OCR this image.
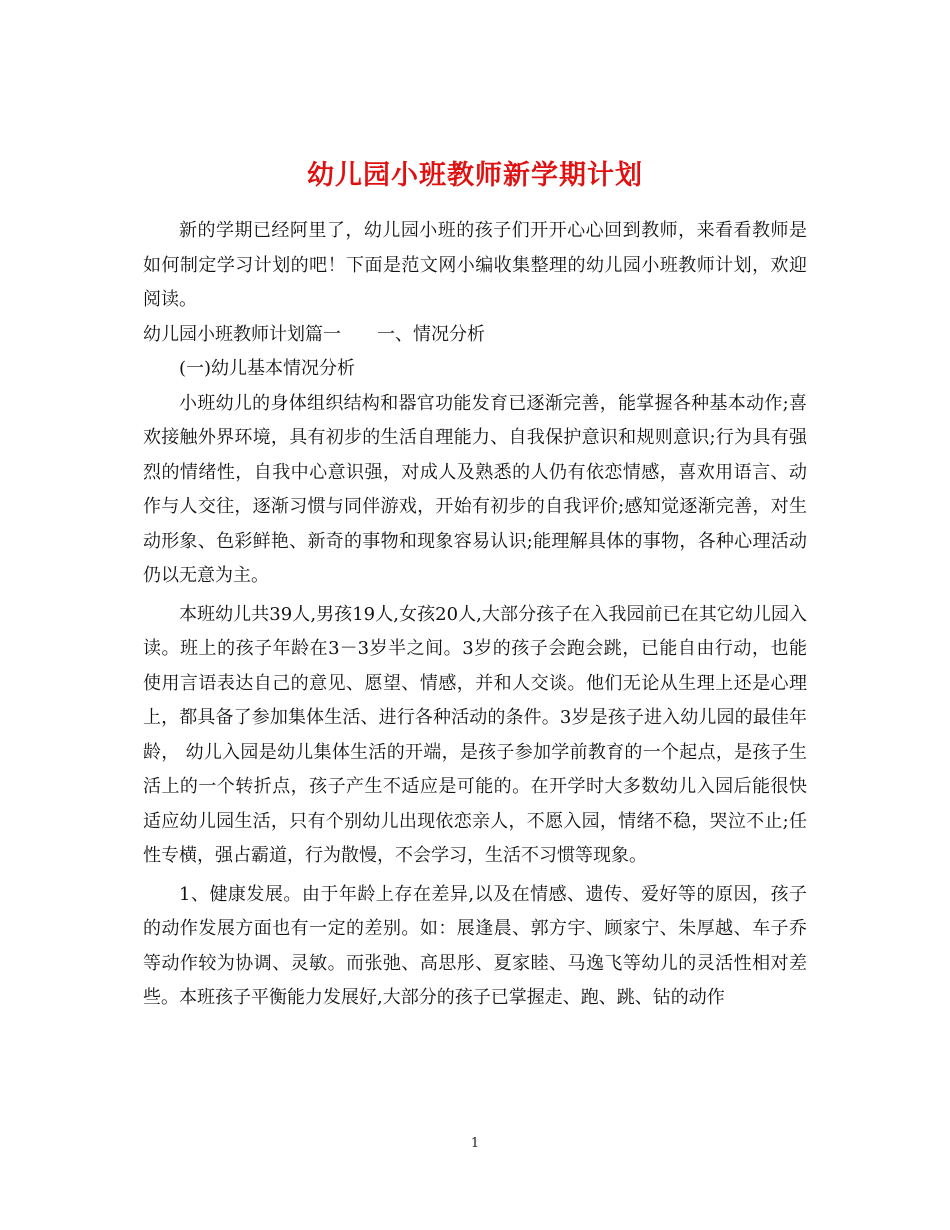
幼儿园小班教师新学期计划

新的学期已经阿里了，幼儿园小班的孩子们开开心心回到教师，来看看教师是如何制定学习计划的吧！下面是范文网小编收集整理的幼儿园小班教师计划，欢迎阅读。

幼儿园小班教师计划篇一　　一、情况分析

(一)幼儿基本情况分析

小班幼儿的身体组织结构和器官功能发育已逐渐完善，能掌握各种基本动作;喜欢接触外界环境，具有初步的生活自理能力、自我保护意识和规则意识;行为具有强烈的情绪性，自我中心意识强，对成人及熟悉的人仍有依恋情感，喜欢用语言、动作与人交往，逐渐习惯与同伴游戏，开始有初步的自我评价;感知觉逐渐完善，对生动形象、色彩鲜艳、新奇的事物和现象容易认识;能理解具体的事物，各种心理活动仍以无意为主。

本班幼儿共39人,男孩19人,女孩20人,大部分孩子在入我园前已在其它幼儿园入读。班上的孩子年龄在3－3岁半之间。3岁的孩子会跑会跳，已能自由行动，也能使用言语表达自己的意见、愿望、情感，并和人交谈。他们无论从生理上还是心理上，都具备了参加集体生活、进行各种活动的条件。3岁是孩子进入幼儿园的最佳年龄， 幼儿入园是幼儿集体生活的开端，是孩子参加学前教育的一个起点，是孩子生活上的一个转折点，孩子产生不适应是可能的。在开学时大多数幼儿入园后能很快适应幼儿园生活，只有个别幼儿出现依恋亲人，不愿入园，情绪不稳，哭泣不止;任性专横，强占霸道，行为散慢，不会学习，生活不习惯等现象。

1、健康发展。由于年龄上存在差异,以及在情感、遗传、爱好等的原因，孩子的动作发展方面也有一定的差别。如：展逢晨、郭方宇、顾家宁、朱厚越、车子乔等动作较为协调、灵敏。而张弛、高思彤、夏家睦、马逸飞等幼儿的灵活性相对差些。本班孩子平衡能力发展好,大部分的孩子已掌握走、跑、跳、钻的动作

1
